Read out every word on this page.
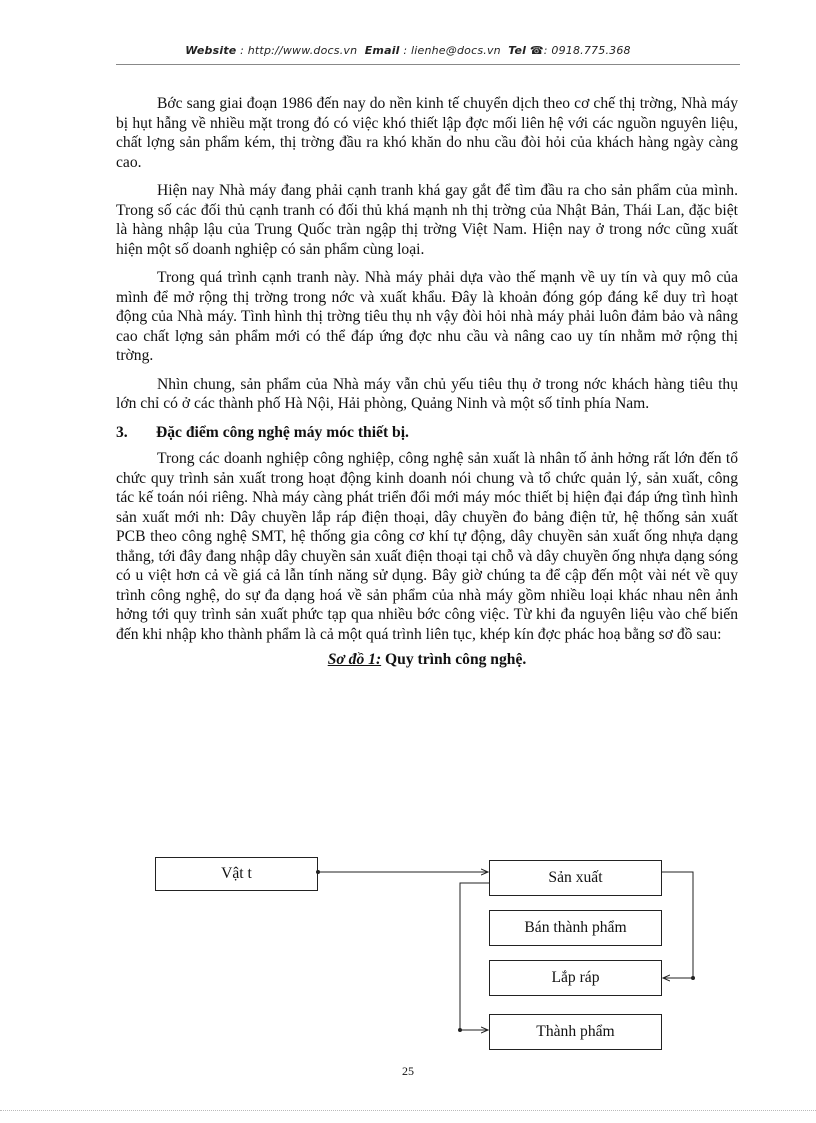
Website : http://www.docs.vn Email : lienhe@docs.vn Tel ☎: 0918.775.368

Bớc sang giai đoạn 1986 đến nay do nền kinh tế chuyển dịch theo cơ chế thị trờng, Nhà máy bị hụt hẫng về nhiều mặt trong đó có việc khó thiết lập đợc mối liên hệ với các nguồn nguyên liệu, chất lợng sản phẩm kém, thị trờng đầu ra khó khăn do nhu cầu đòi hỏi của khách hàng ngày càng cao.

Hiện nay Nhà máy đang phải cạnh tranh khá gay gắt để tìm đầu ra cho sản phẩm của mình. Trong số các đối thủ cạnh tranh có đối thủ khá mạnh nh thị trờng của Nhật Bản, Thái Lan, đặc biệt là hàng nhập lậu của Trung Quốc tràn ngập thị trờng Việt Nam. Hiện nay ở trong nớc cũng xuất hiện một số doanh nghiệp có sản phẩm cùng loại.

Trong quá trình cạnh tranh này. Nhà máy phải dựa vào thế mạnh về uy tín và quy mô của mình để mở rộng thị trờng trong nớc và xuất khẩu. Đây là khoản đóng góp đáng kể duy trì hoạt động của Nhà máy. Tình hình thị trờng tiêu thụ nh vậy đòi hỏi nhà máy phải luôn đảm bảo và nâng cao chất lợng sản phẩm mới có thể đáp ứng đợc nhu cầu và nâng cao uy tín nhằm mở rộng thị trờng.

Nhìn chung, sản phẩm của Nhà máy vẫn chủ yếu tiêu thụ ở trong nớc khách hàng tiêu thụ lớn chỉ có ở các thành phố Hà Nội, Hải phòng, Quảng Ninh và một số tỉnh phía Nam.

3. Đặc điểm công nghệ máy móc thiết bị.

Trong các doanh nghiệp công nghiệp, công nghệ sản xuất là nhân tố ảnh hởng rất lớn đến tổ chức quy trình sản xuất trong hoạt động kinh doanh nói chung và tổ chức quản lý, sản xuất, công tác kế toán nói riêng. Nhà máy càng phát triển đổi mới máy móc thiết bị hiện đại đáp ứng tình hình sản xuất mới nh: Dây chuyền lắp ráp điện thoại, dây chuyền đo bảng điện tử, hệ thống sản xuất PCB theo công nghệ SMT, hệ thống gia công cơ khí tự động, dây chuyền sản xuất ống nhựa dạng thẳng, tới đây đang nhập dây chuyền sản xuất điện thoại tại chỗ và dây chuyền ống nhựa dạng sóng có u việt hơn cả về giá cả lẫn tính năng sử dụng. Bây giờ chúng ta để cập đến một vài nét về quy trình công nghệ, do sự đa dạng hoá về sản phẩm của nhà máy gồm nhiều loại khác nhau nên ảnh hởng tới quy trình sản xuất phức tạp qua nhiều bớc công việc. Từ khi đa nguyên liệu vào chế biến đến khi nhập kho thành phẩm là cả một quá trình liên tục, khép kín đợc phác hoạ bằng sơ đồ sau:

Sơ đồ 1: Quy trình công nghệ.
Vật t	Sản xuất
Bán thành phẩm
Lắp ráp
Thành phẩm
25
